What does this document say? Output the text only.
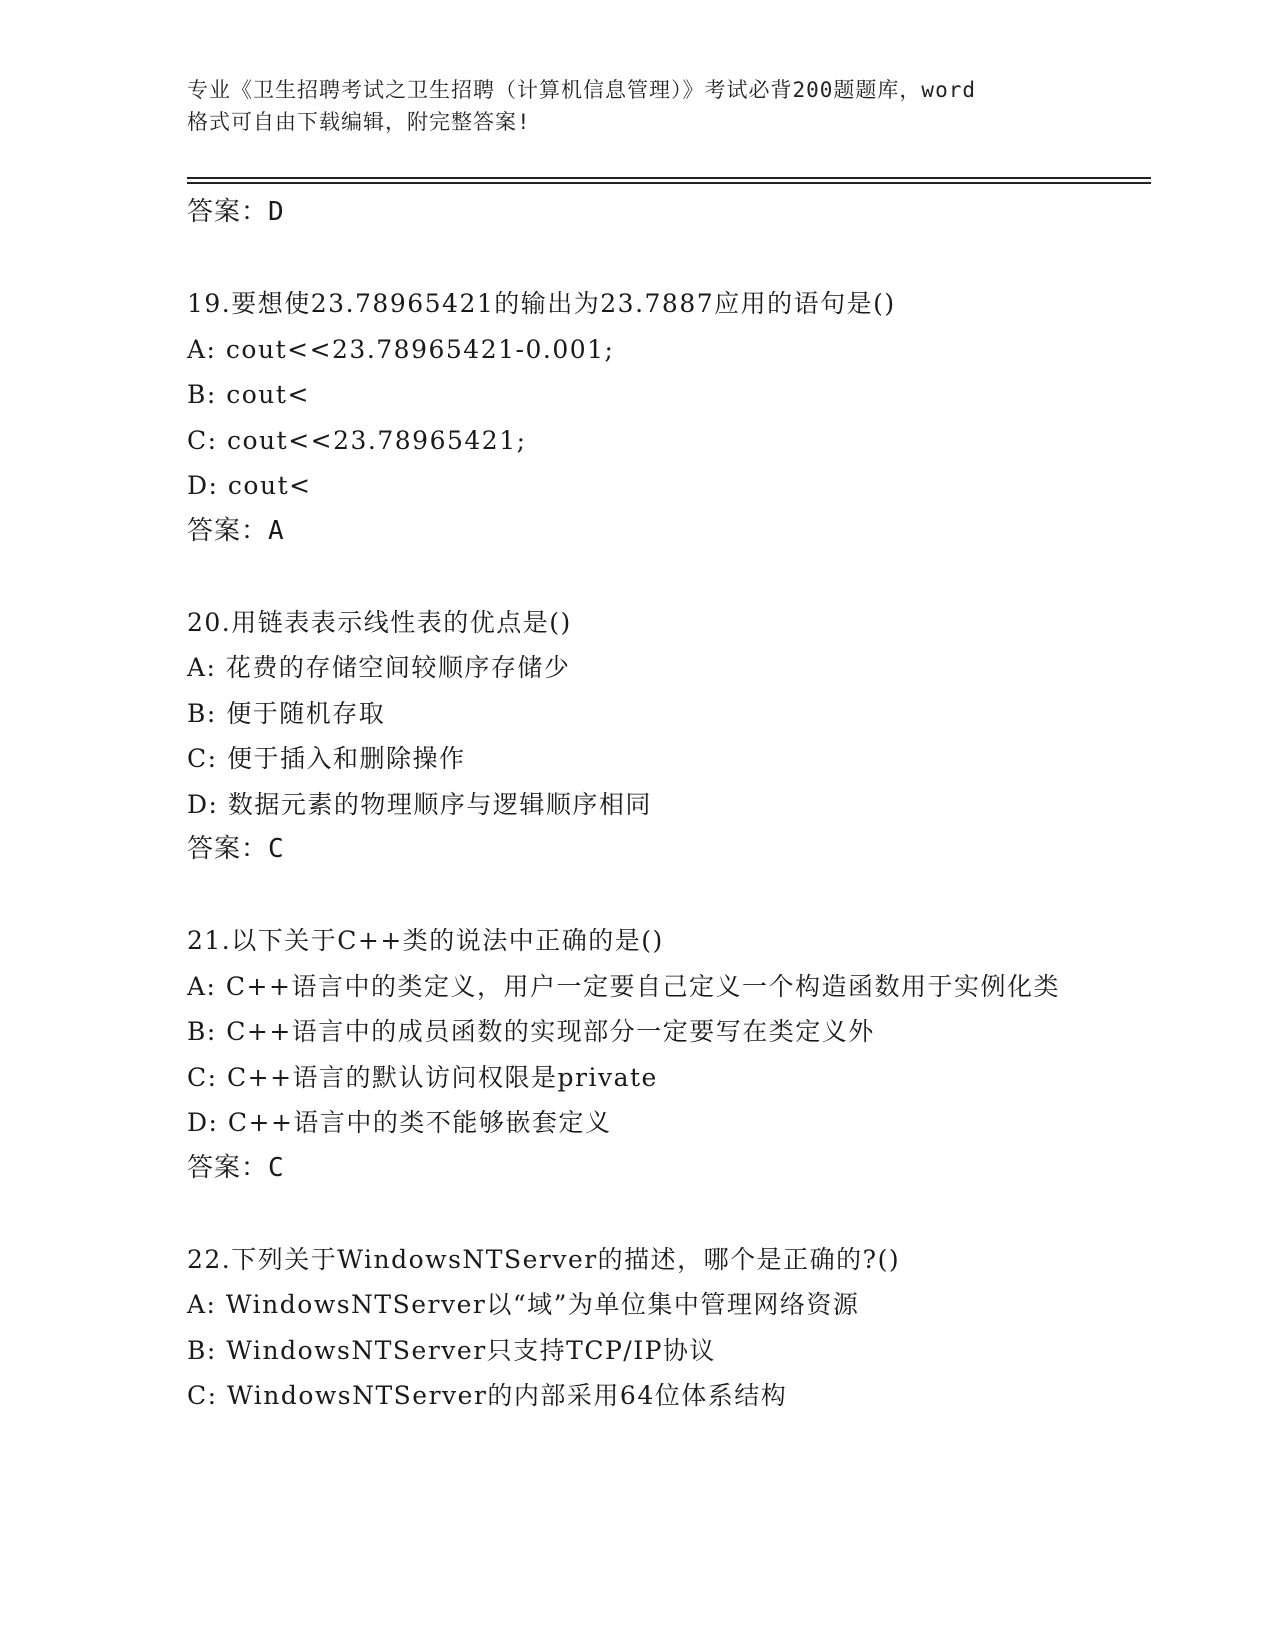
专业《卫生招聘考试之卫生招聘（计算机信息管理）》考试必背200题题库，word
格式可自由下载编辑，附完整答案!
答案：D
19.要想使23.78965421的输出为23.7887应用的语句是()
A: cout<<23.78965421-0.001;
B: cout<
C: cout<<23.78965421;
D: cout<
答案：A
20.用链表表示线性表的优点是()
A: 花费的存储空间较顺序存储少
B: 便于随机存取
C: 便于插入和删除操作
D: 数据元素的物理顺序与逻辑顺序相同
答案：C
21.以下关于C++类的说法中正确的是()
A: C++语言中的类定义，用户一定要自己定义一个构造函数用于实例化类
B: C++语言中的成员函数的实现部分一定要写在类定义外
C: C++语言的默认访问权限是private
D: C++语言中的类不能够嵌套定义
答案：C
22.下列关于WindowsNTServer的描述，哪个是正确的?()
A: WindowsNTServer以“域”为单位集中管理网络资源
B: WindowsNTServer只支持TCP/IP协议
C: WindowsNTServer的内部采用64位体系结构
